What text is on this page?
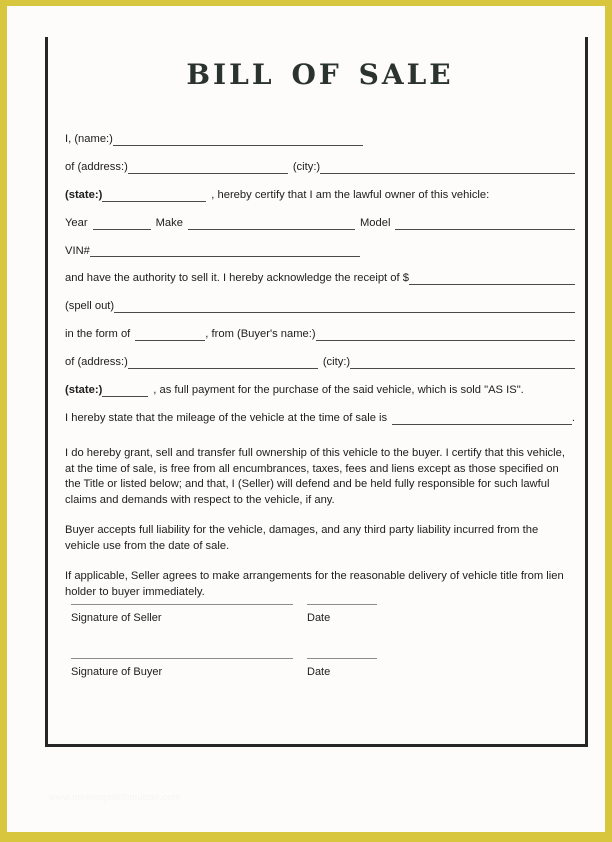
bill of sale
I, (name:)
of (address:)	(city:)
(state:)	, hereby certify that I am the lawful owner of this vehicle:
Year	Make	Model
VIN#
and have the authority to sell it. I hereby acknowledge the receipt of $
(spell out)
in the form of	, from (Buyer's name:)
of (address:)	(city:)
(state:)	, as full payment for the purchase of the said vehicle, which is sold "AS IS".
I hereby state that the mileage of the vehicle at the time of sale is	.

I do hereby grant, sell and transfer full ownership of this vehicle to the buyer. I certify that this vehicle, at the time of sale, is free from all encumbrances, taxes, fees and liens except as those specified on the Title or listed below; and that, I (Seller) will defend and be held fully responsible for such lawful claims and demands with respect to the vehicle, if any.

Buyer accepts full liability for the vehicle, damages, and any third party liability incurred from the vehicle use from the date of sale.

If applicable, Seller agrees to make arrangements for the reasonable delivery of vehicle title from lien holder to buyer immediately.

Signature of Seller	Date
Signature of Buyer	Date
www.meetingswithmutton.com
